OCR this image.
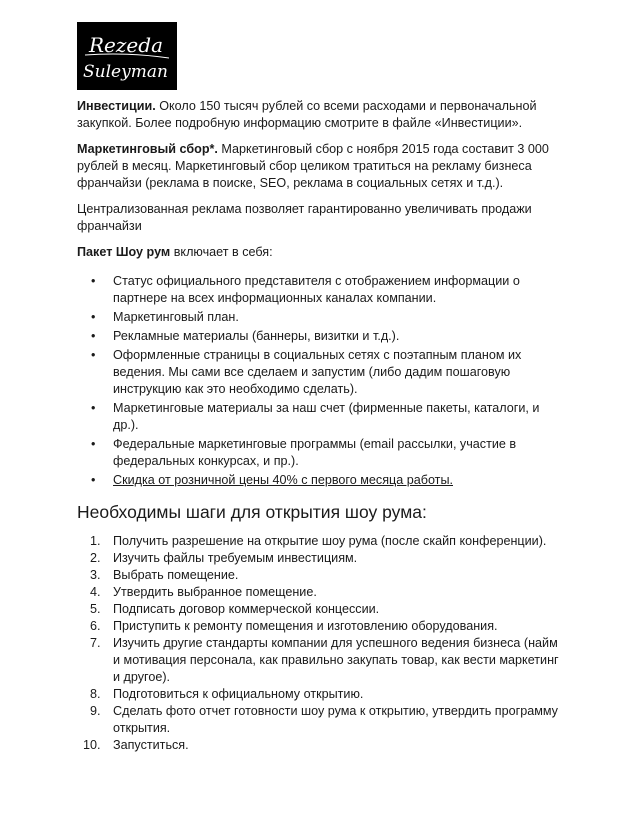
Rezeda
Suleyman

Инвестиции. Около 150 тысяч рублей со всеми расходами и первоначальной закупкой. Более подробную информацию смотрите в файле «Инвестиции».

Маркетинговый сбор*. Маркетинговый сбор с ноября 2015 года составит 3 000 рублей в месяц. Маркетинговый сбор целиком тратиться на рекламу бизнеса франчайзи (реклама в поиске, SEO, реклама в социальных сетях и т.д.).

Централизованная реклама позволяет гарантированно увеличивать продажи франчайзи

Пакет Шоу рум включает в себя:

• Статус официального представителя с отображением информации о партнере на всех информационных каналах компании.
• Маркетинговый план.
• Рекламные материалы (баннеры, визитки и т.д.).
• Оформленные страницы в социальных сетях с поэтапным планом их ведения. Мы сами все сделаем и запустим (либо дадим пошаговую инструкцию как это необходимо сделать).
• Маркетинговые материалы за наш счет (фирменные пакеты, каталоги, и др.).
• Федеральные маркетинговые программы (email рассылки, участие в федеральных конкурсах, и пр.).
• Скидка от розничной цены 40% с первого месяца работы.
Необходимы шаги для открытия шоу рума:
1. Получить разрешение на открытие шоу рума (после скайп конференции).
2. Изучить файлы требуемым инвестициям.
3. Выбрать помещение.
4. Утвердить выбранное помещение.
5. Подписать договор коммерческой концессии.
6. Приступить к ремонту помещения и изготовлению оборудования.
7. Изучить другие стандарты компании для успешного ведения бизнеса (найм и мотивация персонала, как правильно закупать товар, как вести маркетинг и другое).
8. Подготовиться к официальному открытию.
9. Сделать фото отчет готовности шоу рума к открытию, утвердить программу открытия.
10. Запуститься.
